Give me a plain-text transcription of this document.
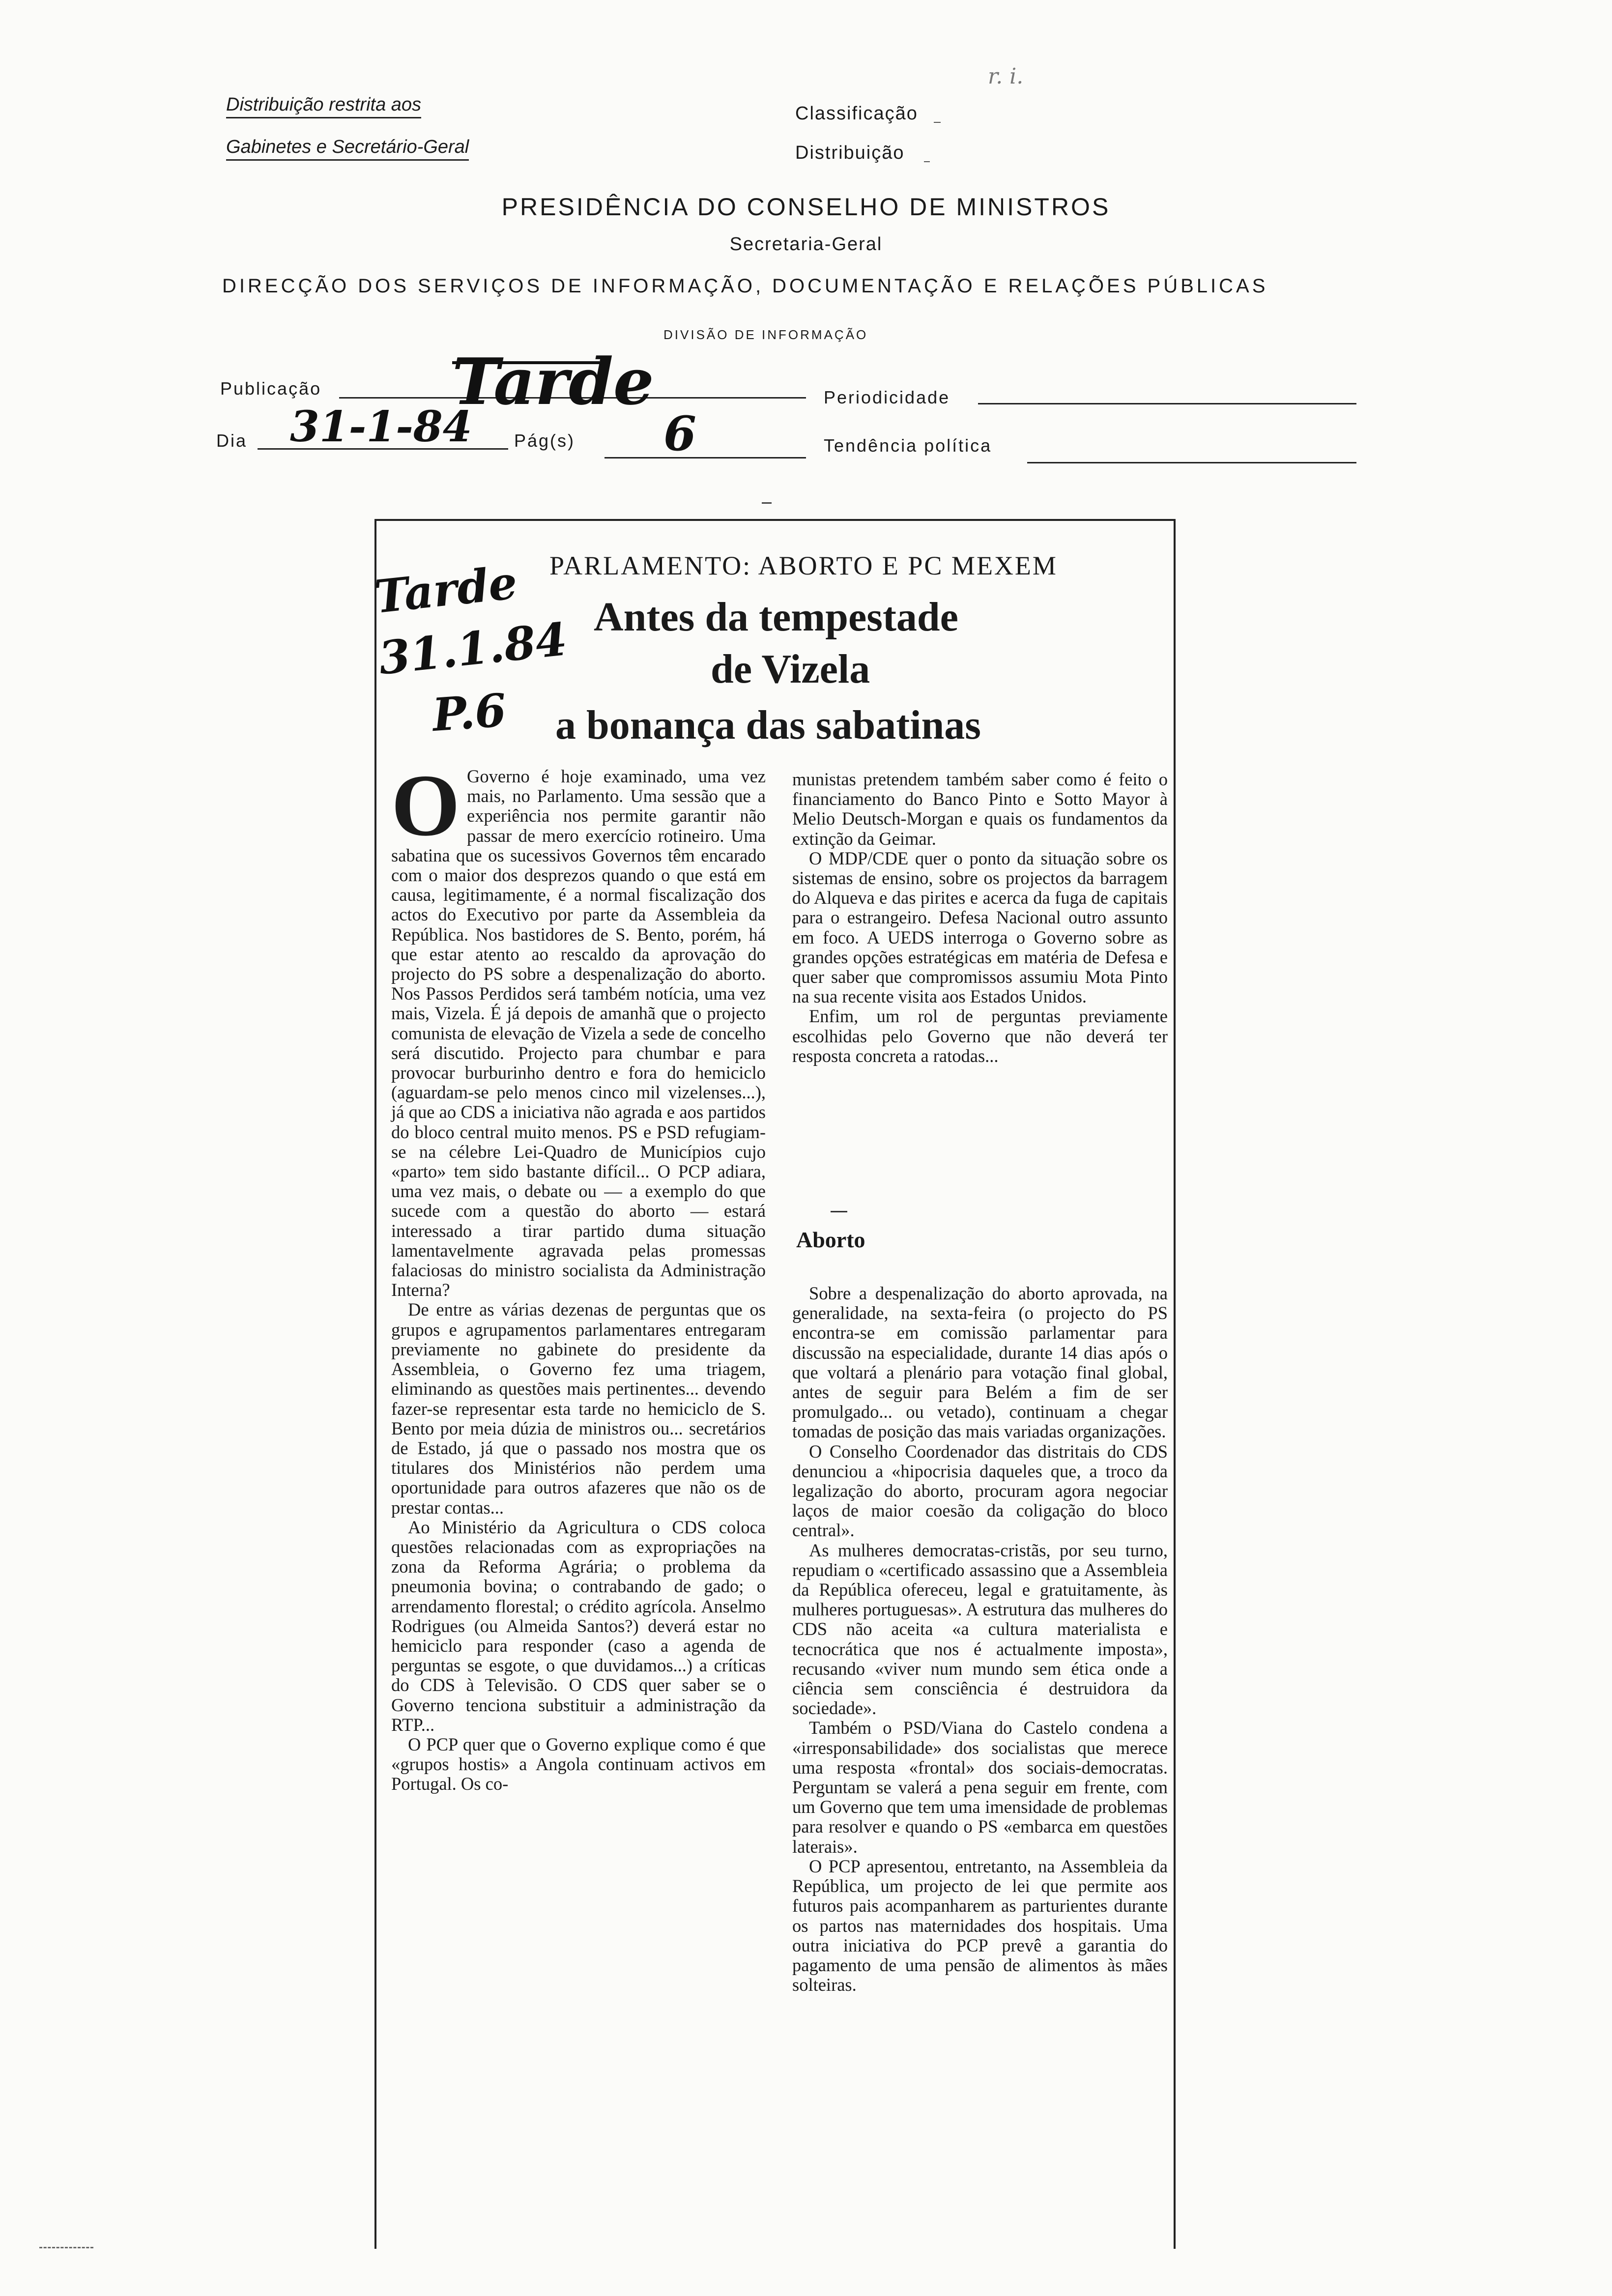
Distribuição restrita aos
Gabinetes e Secretário-Geral
Classificação
Distribuição
r. i.
PRESIDÊNCIA DO CONSELHO DE MINISTROS
Secretaria-Geral
DIRECÇÃO DOS SERVIÇOS DE INFORMAÇÃO, DOCUMENTAÇÃO E RELAÇÕES PÚBLICAS
DIVISÃO DE INFORMAÇÃO
Publicação Tarde	Periodicidade
Dia 31-1-84 Pág(s) 6	Tendência política
PARLAMENTO: ABORTO E PC MEXEM
Antes da tempestade
de Vizela
a bonança das sabatinas
Tarde
31.1.84
P.6

O Governo é hoje examinado, uma vez mais, no Parlamento. Uma sessão que a experiência nos permite garantir não passar de mero exercício rotineiro. Uma sabatina que os sucessivos Governos têm encarado com o maior dos desprezos quando o que está em causa, legitimamente, é a normal fiscalização dos actos do Executivo por parte da Assembleia da República. Nos bastidores de S. Bento, porém, há que estar atento ao rescaldo da aprovação do projecto do PS sobre a despenalização do aborto. Nos Passos Perdidos será também notícia, uma vez mais, Vizela. É já depois de amanhã que o projecto comunista de elevação de Vizela a sede de concelho será discutido. Projecto para chumbar e para provocar burburinho dentro e fora do hemiciclo (aguardam-se pelo menos cinco mil vizelenses...), já que ao CDS a iniciativa não agrada e aos partidos do bloco central muito menos. PS e PSD refugiam-se na célebre Lei-Quadro de Municípios cujo «parto» tem sido bastante difícil... O PCP adiara, uma vez mais, o debate ou — a exemplo do que sucede com a questão do aborto — estará interessado a tirar partido duma situação lamentavelmente agravada pelas promessas falaciosas do ministro socialista da Administração Interna?

De entre as várias dezenas de perguntas que os grupos e agrupamentos parlamentares entregaram previamente no gabinete do presidente da Assembleia, o Governo fez uma triagem, eliminando as questões mais pertinentes... devendo fazer-se representar esta tarde no hemiciclo de S. Bento por meia dúzia de ministros ou... secretários de Estado, já que o passado nos mostra que os titulares dos Ministérios não perdem uma oportunidade para outros afazeres que não os de prestar contas...

Ao Ministério da Agricultura o CDS coloca questões relacionadas com as expropriações na zona da Reforma Agrária; o problema da pneumonia bovina; o contrabando de gado; o arrendamento florestal; o crédito agrícola. Anselmo Rodrigues (ou Almeida Santos?) deverá estar no hemiciclo para responder (caso a agenda de perguntas se esgote, o que duvidamos...) a críticas do CDS à Televisão. O CDS quer saber se o Governo tenciona substituir a administração da RTP...

O PCP quer que o Governo explique como é que «grupos hostis» a Angola continuam activos em Portugal. Os co-

munistas pretendem também saber como é feito o financiamento do Banco Pinto e Sotto Mayor à Melio Deutsch-Morgan e quais os fundamentos da extinção da Geimar.

O MDP/CDE quer o ponto da situação sobre os sistemas de ensino, sobre os projectos da barragem do Alqueva e das pirites e acerca da fuga de capitais para o estrangeiro. Defesa Nacional outro assunto em foco. A UEDS interroga o Governo sobre as grandes opções estratégicas em matéria de Defesa e quer saber que compromissos assumiu Mota Pinto na sua recente visita aos Estados Unidos.

Enfim, um rol de perguntas previamente escolhidas pelo Governo que não deverá ter resposta concreta a ratodas...

Aborto

Sobre a despenalização do aborto aprovada, na generalidade, na sexta-feira (o projecto do PS encontra-se em comissão parlamentar para discussão na especialidade, durante 14 dias após o que voltará a plenário para votação final global, antes de seguir para Belém a fim de ser promulgado... ou vetado), continuam a chegar tomadas de posição das mais variadas organizações.

O Conselho Coordenador das distritais do CDS denunciou a «hipocrisia daqueles que, a troco da legalização do aborto, procuram agora negociar laços de maior coesão da coligação do bloco central».

As mulheres democratas-cristãs, por seu turno, repudiam o «certificado assassino que a Assembleia da República ofereceu, legal e gratuitamente, às mulheres portuguesas». A estrutura das mulheres do CDS não aceita «a cultura materialista e tecnocrática que nos é actualmente imposta», recusando «viver num mundo sem ética onde a ciência sem consciência é destruidora da sociedade».

Também o PSD/Viana do Castelo condena a «irresponsabilidade» dos socialistas que merece uma resposta «frontal» dos sociais-democratas. Perguntam se valerá a pena seguir em frente, com um Governo que tem uma imensidade de problemas para resolver e quando o PS «embarca em questões laterais».

O PCP apresentou, entretanto, na Assembleia da República, um projecto de lei que permite aos futuros pais acompanharem as parturientes durante os partos nas maternidades dos hospitais. Uma outra iniciativa do PCP prevê a garantia do pagamento de uma pensão de alimentos às mães solteiras.
